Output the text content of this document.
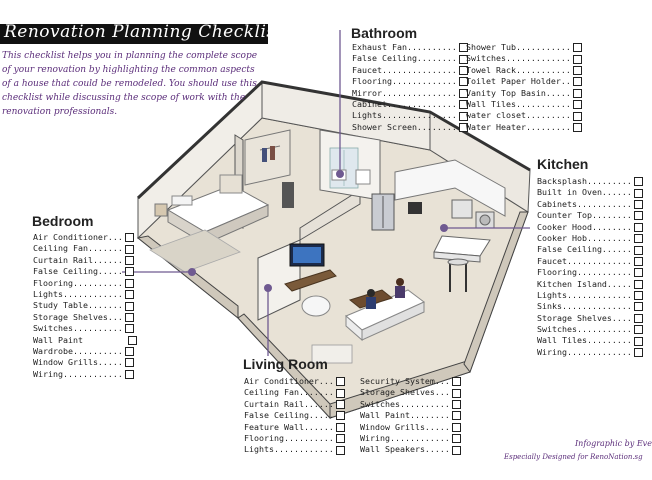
Renovation Planning Checklist
This checklist helps you in planning the complete scope of your renovation by highlighting the common aspects of a house that could be remodeled. You should use this checklist while discussing the scope of work with the renovation professionals.
Bathroom
Exhaust Fan..........
False Ceiling........
Faucet...............
Flooring.............
Mirror...............
Cabinet..............
Lights...............
Shower Screen........
Shower Tub...........
Switches.............
Towel Rack...........
Toilet Paper Holder..
Vanity Top Basin.....
Wall Tiles...........
water closet.........
Water Heater.........
Kitchen
Backsplash.........
Built in Oven......
Cabinets...........
Counter Top........
Cooker Hood........
Cooker Hob.........
False Ceiling......
Faucet.............
Flooring...........
Kitchen Island.....
Lights.............
Sinks..............
Storage Shelves....
Switches...........
Wall Tiles.........
Wiring.............
Bedroom
Air Conditioner...
Ceiling Fan.......
Curtain Rail......
False Ceiling.....
Flooring..........
Lights............
Study Table.......
Storage Shelves...
Switches..........
Wall Paint
Wardrobe..........
Window Grills.....
Wiring............
Living Room
Air Conditioner...
Ceiling Fan.......
Curtain Rail......
False Ceiling.....
Feature Wall......
Flooring..........
Lights............
Security System...
Storage Shelves...
Switches..........
Wall Paint........
Window Grills.....
Wiring............
Wall Speakers.....
Infographic by Eve
Especially Designed for RenoNation.sg
